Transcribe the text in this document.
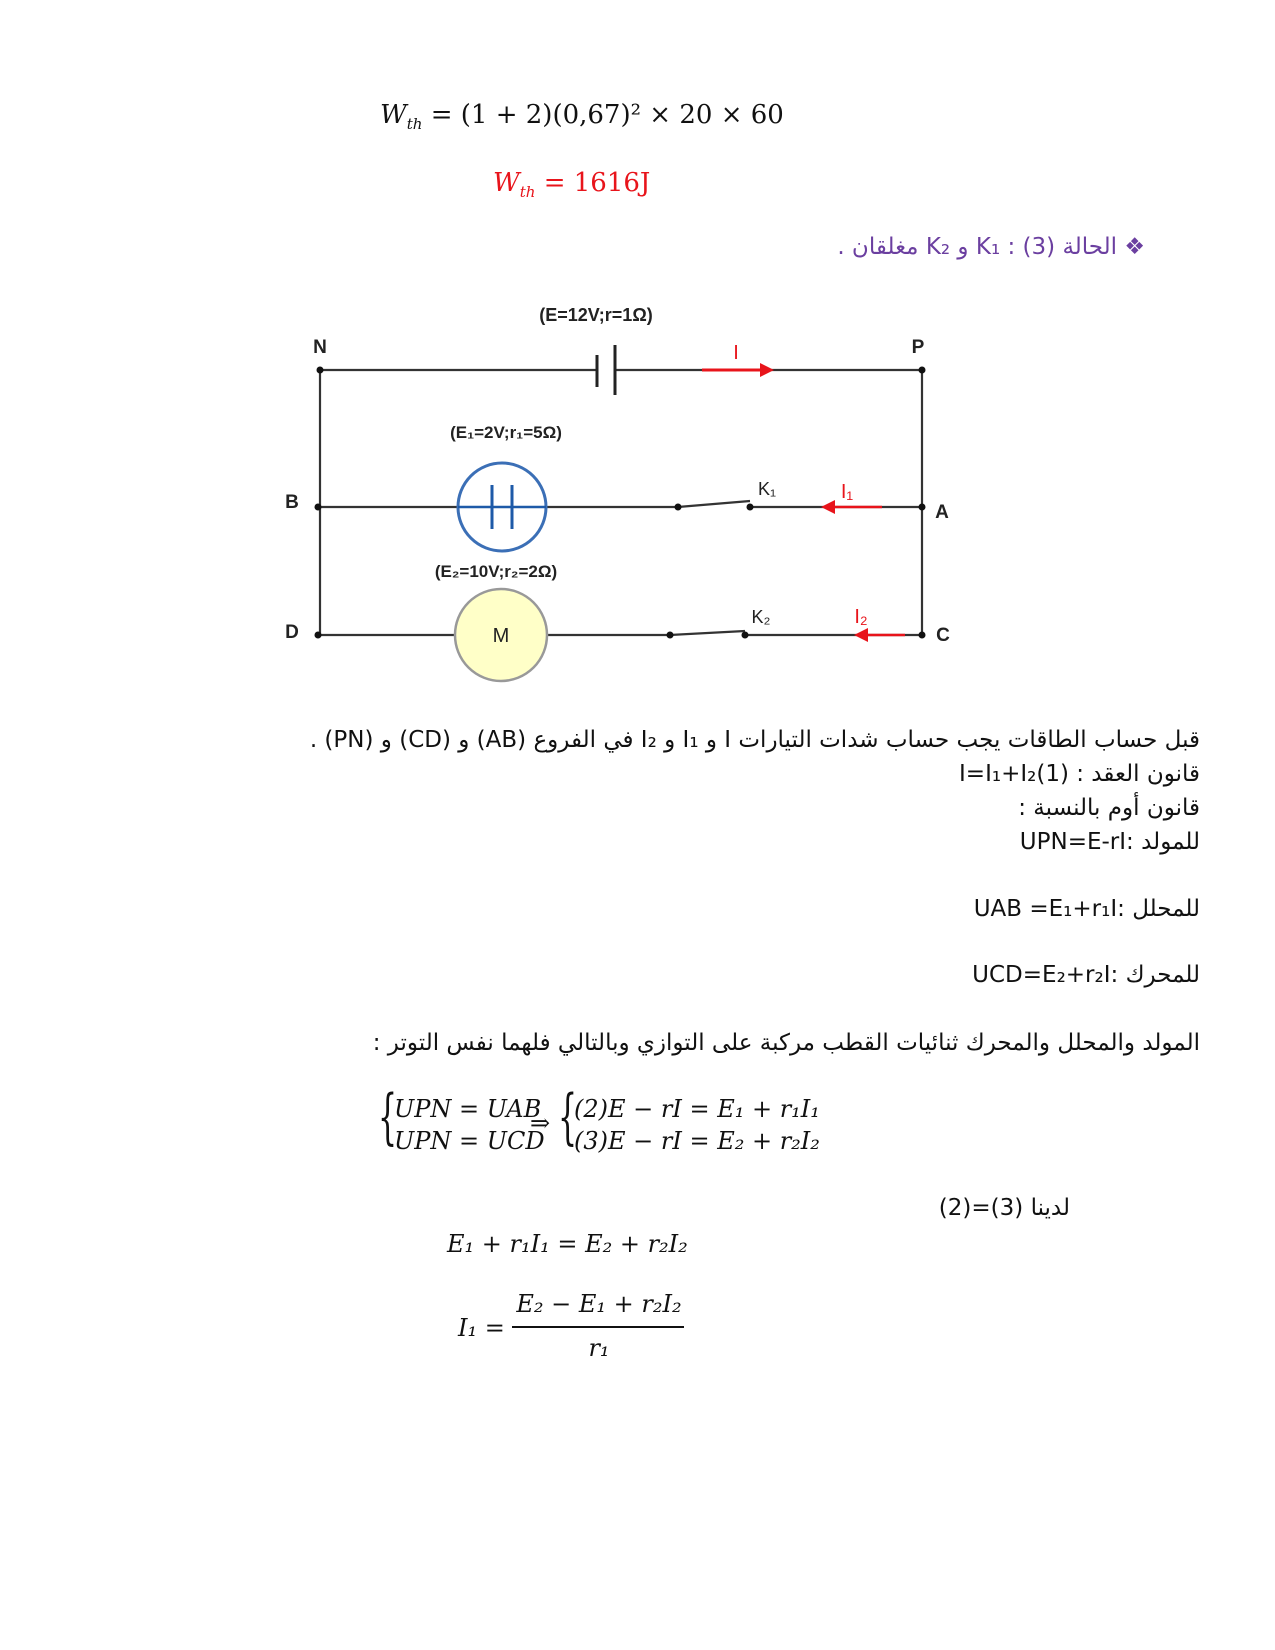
$W_{th} = (1 + 2)(0,67)^2 \times 20 \times 60$
$W_{th} = 1616J$
❖ الحالة (3) : K₁ و K₂ مغلقان .
M
(E=12V;r=1Ω)
(E₁=2V;r₁=5Ω)
(E₂=10V;r₂=2Ω)
N	P
B	A
D	C
K₁
K₂
I
I₁
I₂
قبل حساب الطاقات يجب حساب شدات التيارات I و I₁ و I₂ في الفروع (AB) و (CD) و (PN) .
قانون العقد : I=I₁+I₂(1)
قانون أوم بالنسبة :
للمولد :UPN=E-rI
للمحلل :UAB =E₁+r₁I
للمحرك :UCD=E₂+r₂I
المولد والمحلل والمحرك ثنائيات القطب مركبة على التوازي وبالتالي فلهما نفس التوتر :
{
UPN = UAB
UPN = UCD
⇒ {
(2)E − rI = E₁ + r₁I₁
(3)E − rI = E₂ + r₂I₂
لدينا (3)=(2)
E₁ + r₁I₁ = E₂ + r₂I₂
I₁ =
E₂ − E₁ + r₂I₂
r₁
